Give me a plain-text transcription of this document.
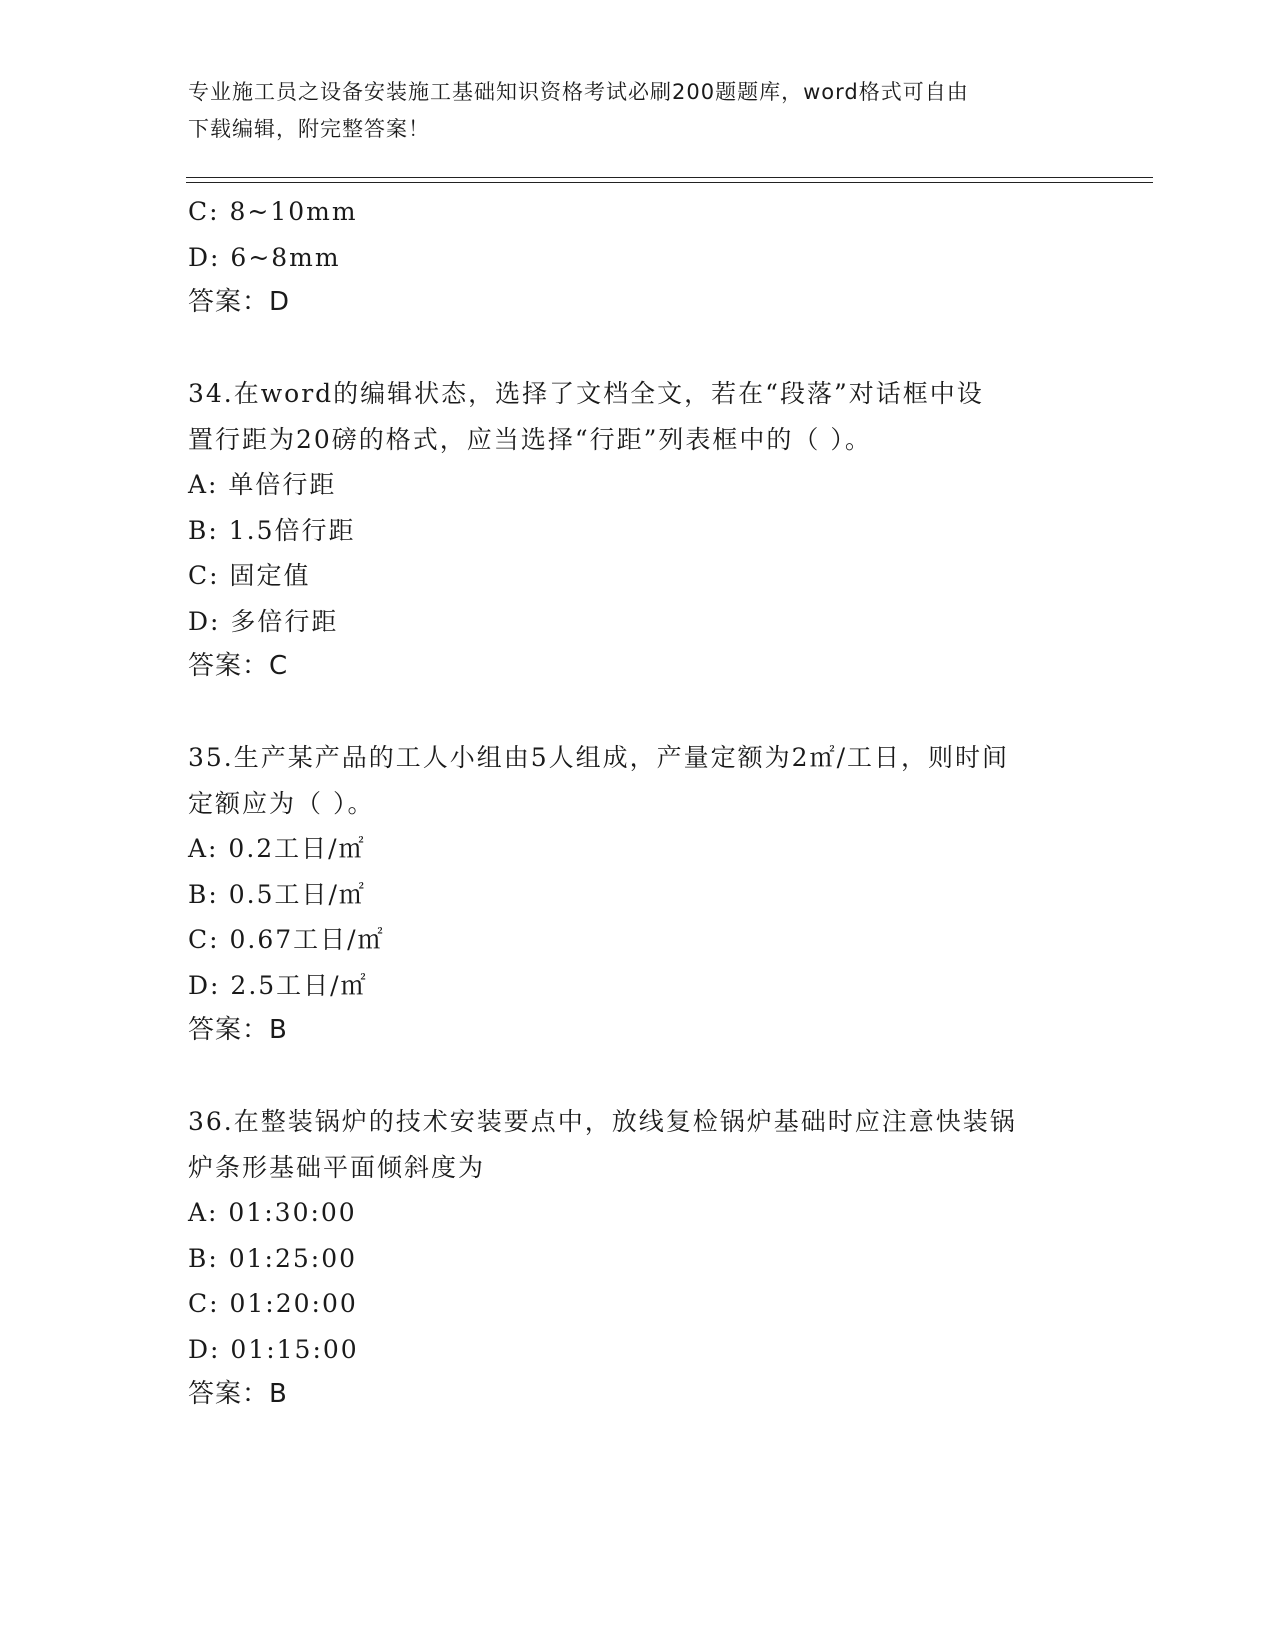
专业施工员之设备安装施工基础知识资格考试必刷200题题库，word格式可自由
下载编辑，附完整答案！
C: 8~10mm
D: 6~8mm
答案：D
34.在word的编辑状态，选择了文档全文，若在“段落”对话框中设
置行距为20磅的格式，应当选择“行距”列表框中的（ ）。
A: 单倍行距
B: 1.5倍行距
C: 固定值
D: 多倍行距
答案：C
35.生产某产品的工人小组由5人组成，产量定额为2㎡/工日，则时间
定额应为（ ）。
A: 0.2工日/㎡
B: 0.5工日/㎡
C: 0.67工日/㎡
D: 2.5工日/㎡
答案：B
36.在整装锅炉的技术安装要点中，放线复检锅炉基础时应注意快装锅
炉条形基础平面倾斜度为
A: 01:30:00
B: 01:25:00
C: 01:20:00
D: 01:15:00
答案：B
